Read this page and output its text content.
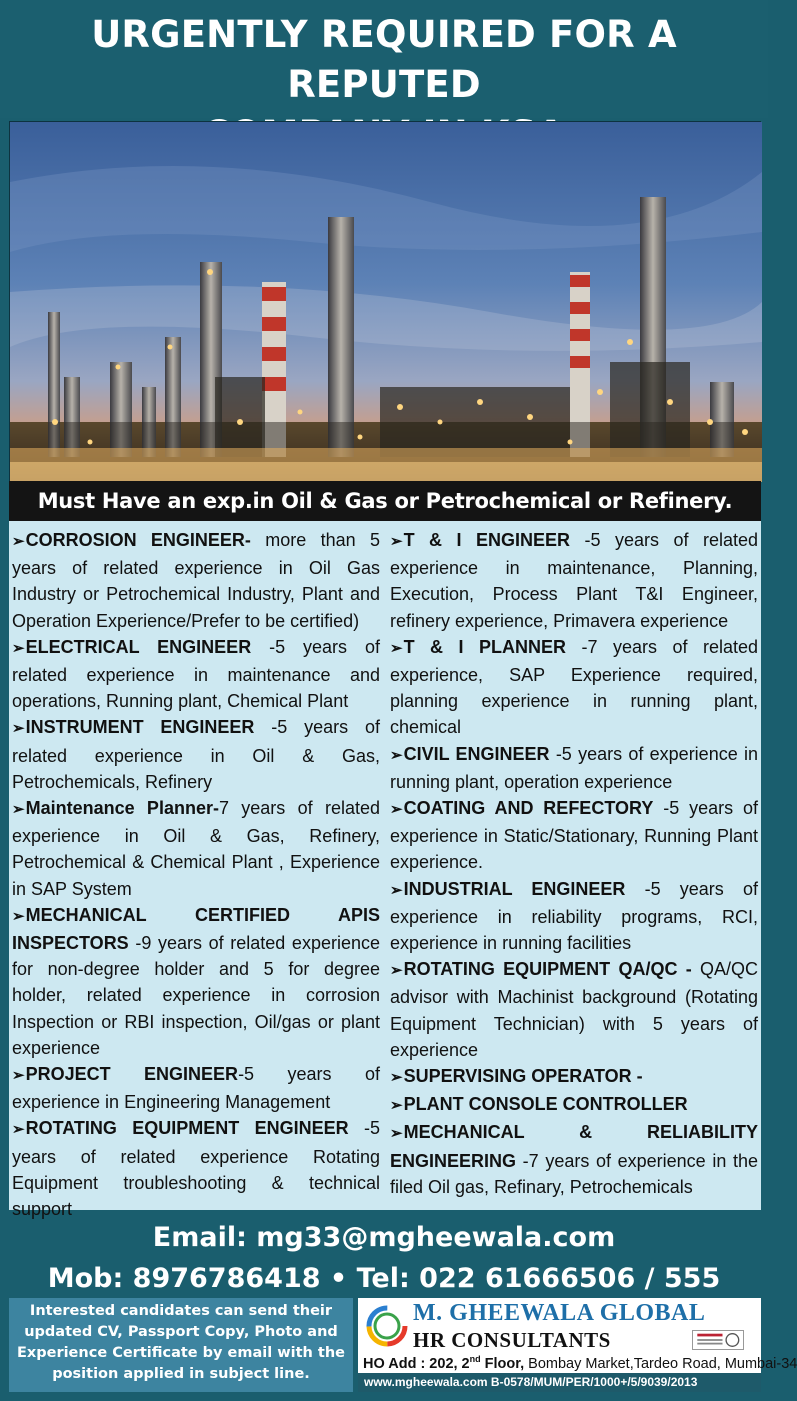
URGENTLY REQUIRED FOR A REPUTED
Must Have an exp.in Oil & Gas or Petrochemical or Refinery.

➢CORROSION ENGINEER- more than 5 years of related experience in Oil Gas Industry or Petrochemical Industry, Plant and Operation Experience/Prefer to be certified)

➢ELECTRICAL ENGINEER -5 years of related experience in maintenance and operations, Running plant, Chemical Plant

➢INSTRUMENT ENGINEER -5 years of related experience in Oil & Gas, Petrochemicals, Refinery

➢Maintenance Planner-7 years of related experience in Oil & Gas, Refinery, Petrochemical & Chemical Plant , Experience in SAP System

➢MECHANICAL CERTIFIED APIS INSPECTORS -9 years of related experience for non-degree holder and 5 for degree holder, related experience in corrosion Inspection or RBI inspection, Oil/gas or plant experience

➢PROJECT ENGINEER-5 years of experience in Engineering Management

➢ROTATING EQUIPMENT ENGINEER -5 years of related experience Rotating Equipment troubleshooting & technical support

➢T & I ENGINEER -5 years of related experience in maintenance, Planning, Execution, Process Plant T&I Engineer, refinery experience, Primavera experience

➢T & I PLANNER -7 years of related experience, SAP Experience required, planning experience in running plant, chemical

➢CIVIL ENGINEER -5 years of experience in running plant, operation experience

➢COATING AND REFECTORY -5 years of experience in Static/Stationary, Running Plant experience.

➢INDUSTRIAL ENGINEER -5 years of experience in reliability programs, RCI, experience in running facilities

➢ROTATING EQUIPMENT QA/QC - QA/QC advisor with Machinist background (Rotating Equipment Technician) with 5 years of experience

➢SUPERVISING OPERATOR -

➢PLANT CONSOLE CONTROLLER

➢MECHANICAL & RELIABILITY ENGINEERING -7 years of experience in the filed Oil gas, Refinary, Petrochemicals

Email: mg33@mgheewala.com
Mob: 8976786418 • Tel: 022 61666506 / 555
Interested candidates can send their updated CV, Passport Copy, Photo and Experience Certificate by email with the position applied in subject line.
M. GHEEWALA GLOBAL
HR CONSULTANTS
HO Add : 202, 2nd Floor, Bombay Market,Tardeo Road, Mumbai-34
www.mgheewala.com B-0578/MUM/PER/1000+/5/9039/2013
